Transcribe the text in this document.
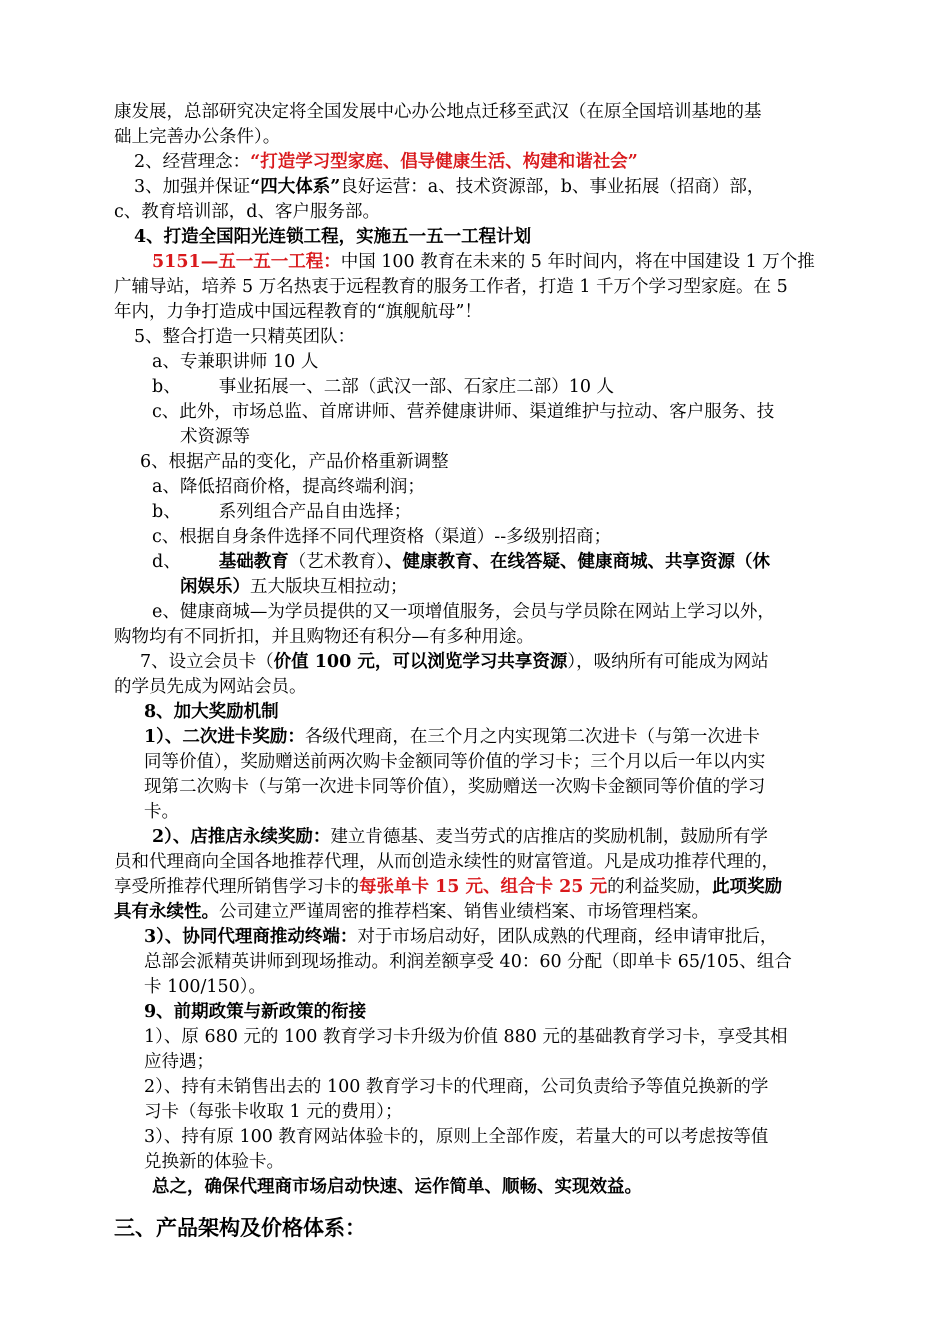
康发展，总部研究决定将全国发展中心办公地点迁移至武汉（在原全国培训基地的基
础上完善办公条件）。
2、经营理念：“打造学习型家庭、倡导健康生活、构建和谐社会”
3、加强并保证“四大体系”良好运营：a、技术资源部，b、事业拓展（招商）部，
c、教育培训部，d、客户服务部。
4、打造全国阳光连锁工程，实施五一五一工程计划
5151—五一五一工程：中国 100 教育在未来的 5 年时间内，将在中国建设 1 万个推
广辅导站，培养 5 万名热衷于远程教育的服务工作者，打造 1 千万个学习型家庭。在 5
年内，力争打造成中国远程教育的“旗舰航母”！
5、整合打造一只精英团队：
a、专兼职讲师 10 人
b、 事业拓展一、二部（武汉一部、石家庄二部）10 人
c、此外，市场总监、首席讲师、营养健康讲师、渠道维护与拉动、客户服务、技
术资源等
6、根据产品的变化，产品价格重新调整
a、降低招商价格，提高终端利润；
b、 系列组合产品自由选择；
c、根据自身条件选择不同代理资格（渠道）--多级别招商；
d、 基础教育（艺术教育）、健康教育、在线答疑、健康商城、共享资源（休
闲娱乐）五大版块互相拉动；
e、健康商城—为学员提供的又一项增值服务，会员与学员除在网站上学习以外，
购物均有不同折扣，并且购物还有积分—有多种用途。
7、设立会员卡（价值 100 元，可以浏览学习共享资源），吸纳所有可能成为网站
的学员先成为网站会员。
8、加大奖励机制
1）、二次进卡奖励：各级代理商，在三个月之内实现第二次进卡（与第一次进卡
同等价值），奖励赠送前两次购卡金额同等价值的学习卡；三个月以后一年以内实
现第二次购卡（与第一次进卡同等价值），奖励赠送一次购卡金额同等价值的学习
卡。
2）、店推店永续奖励：建立肯德基、麦当劳式的店推店的奖励机制，鼓励所有学
员和代理商向全国各地推荐代理，从而创造永续性的财富管道。凡是成功推荐代理的，
享受所推荐代理所销售学习卡的每张单卡 15 元、组合卡 25 元的利益奖励，此项奖励
具有永续性。公司建立严谨周密的推荐档案、销售业绩档案、市场管理档案。
3）、协同代理商推动终端：对于市场启动好，团队成熟的代理商，经申请审批后，
总部会派精英讲师到现场推动。利润差额享受 40：60 分配（即单卡 65/105、组合
卡 100/150）。
9、前期政策与新政策的衔接
1）、原 680 元的 100 教育学习卡升级为价值 880 元的基础教育学习卡，享受其相
应待遇；
2）、持有未销售出去的 100 教育学习卡的代理商，公司负责给予等值兑换新的学
习卡（每张卡收取 1 元的费用）；
3）、持有原 100 教育网站体验卡的，原则上全部作废，若量大的可以考虑按等值
兑换新的体验卡。
总之，确保代理商市场启动快速、运作简单、顺畅、实现效益。
三、产品架构及价格体系：
